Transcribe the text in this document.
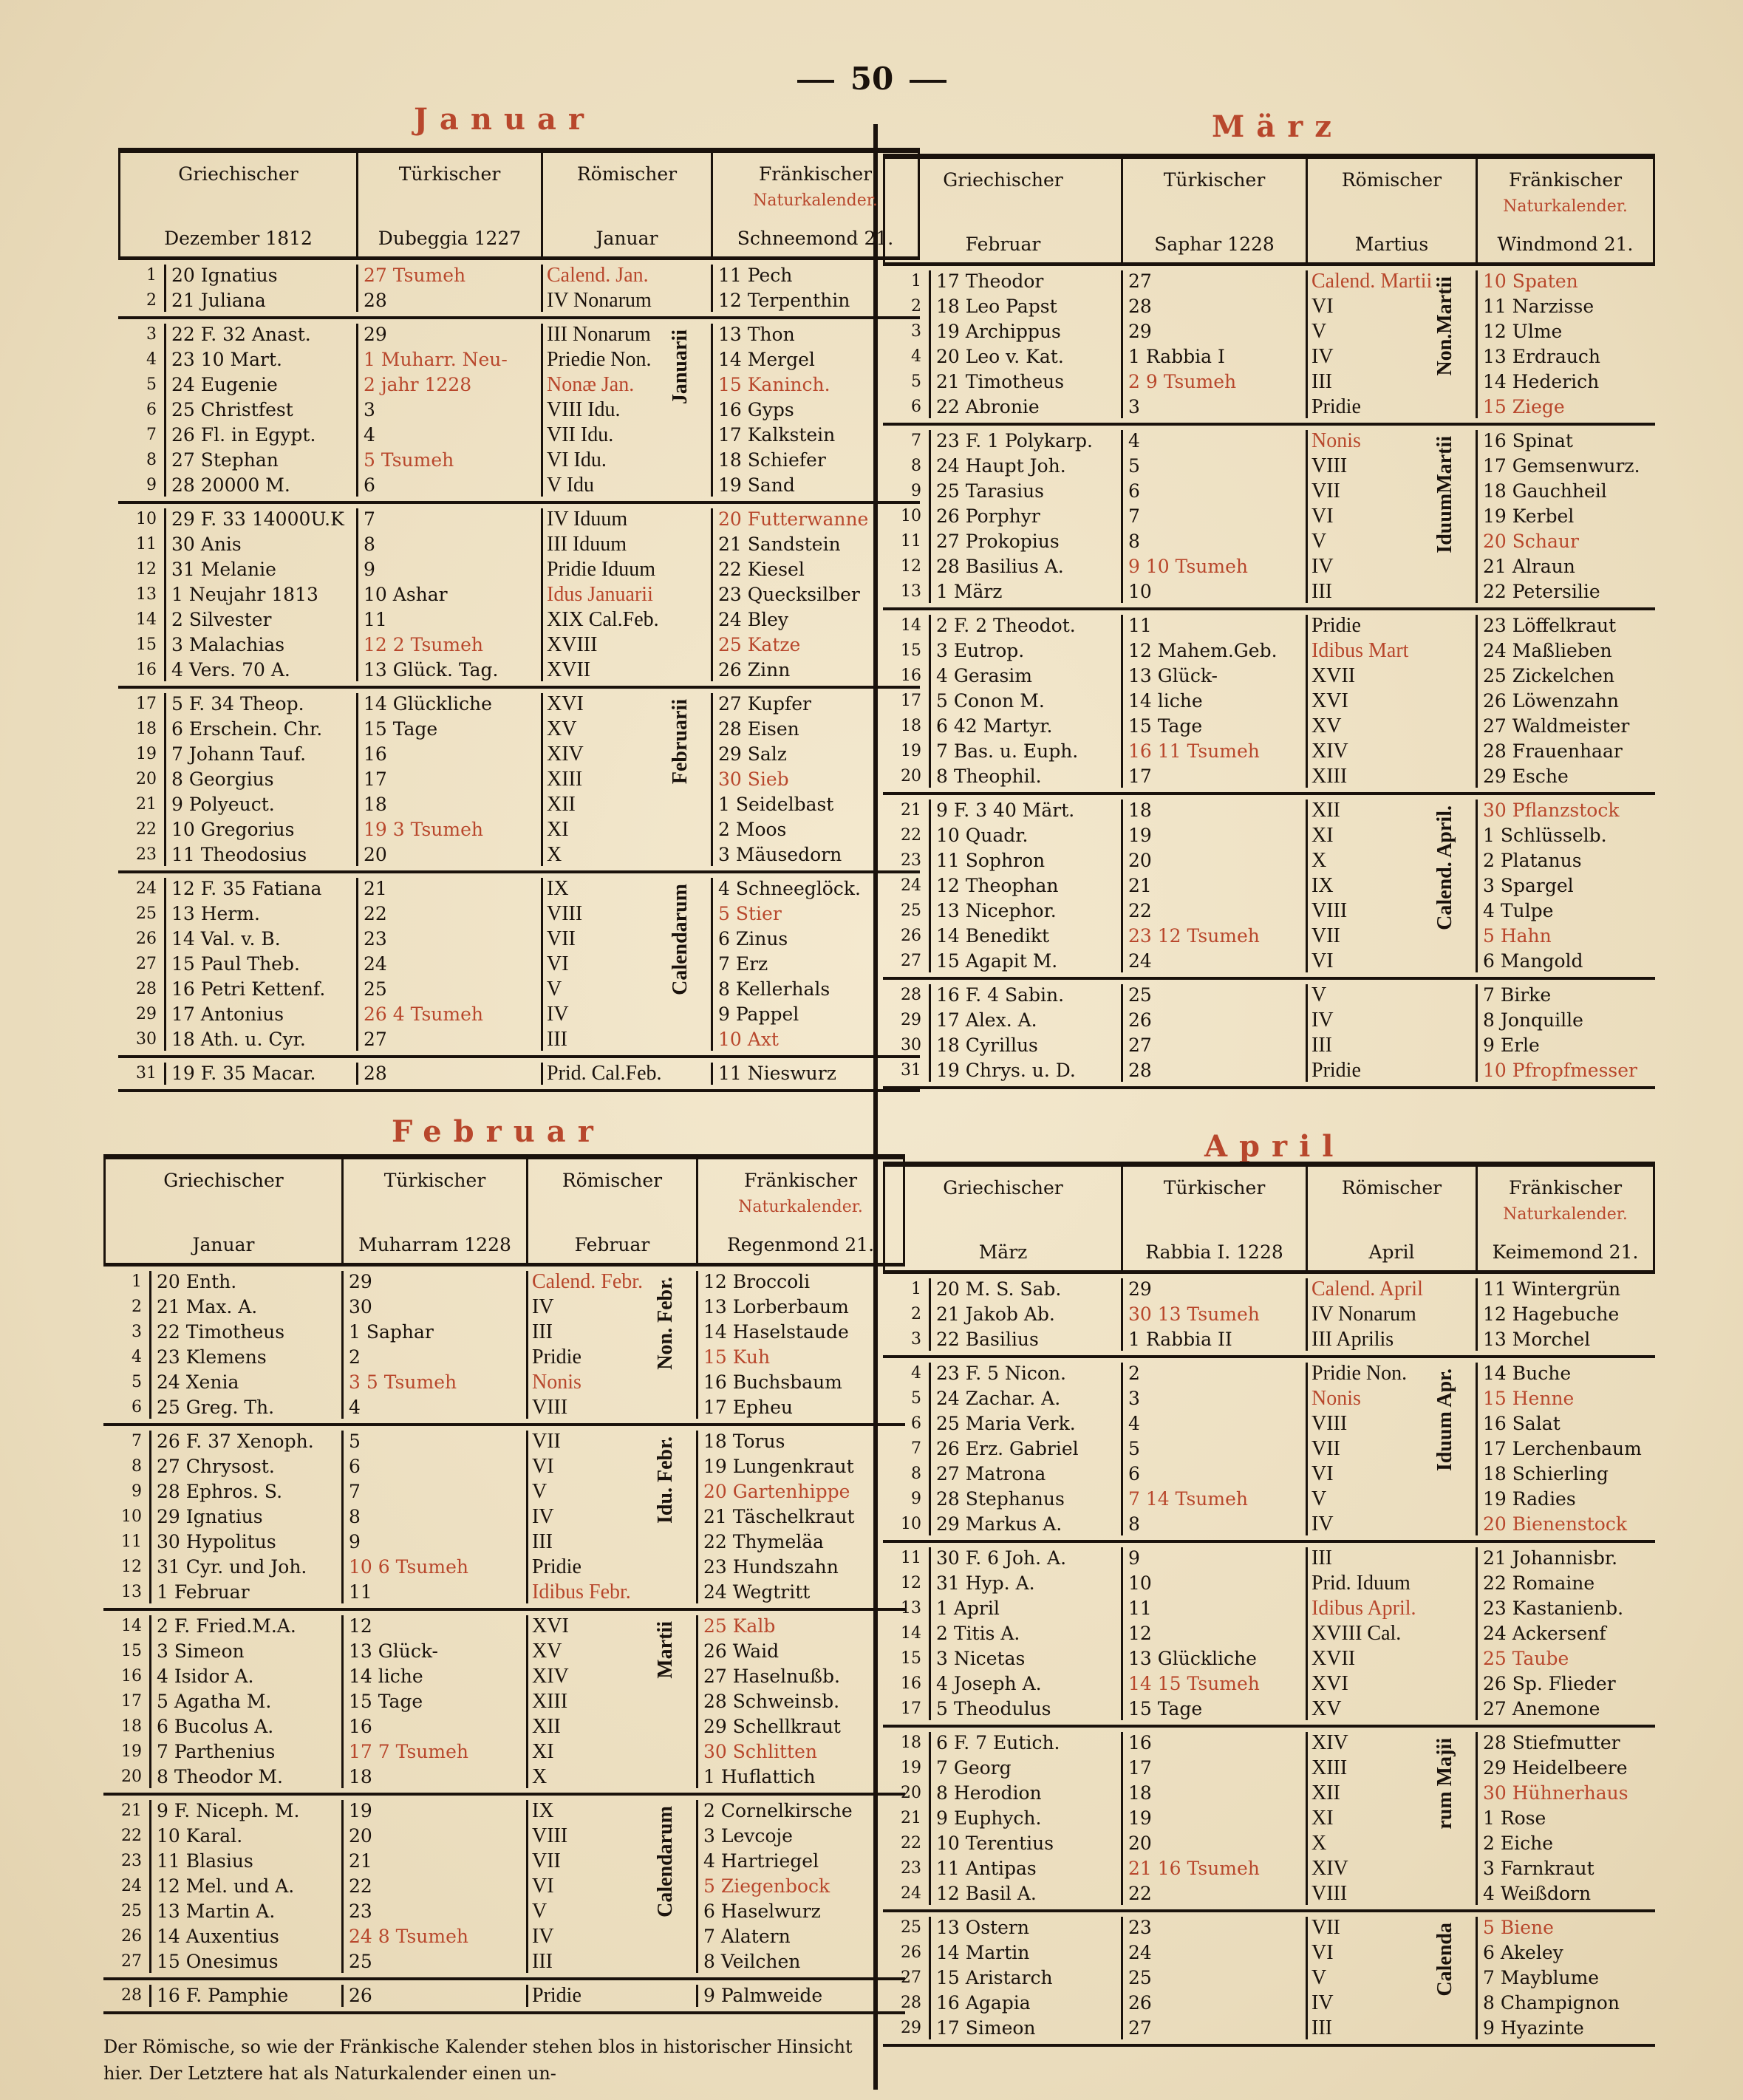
50
Januar	März
Februar	April
Griechischer
Dezember 1812
Türkischer
Dubeggia 1227
Römischer
Januar
Fränkischer
Naturkalender.
Schneemond 21.
1 20 Ignatius	27 Tsumeh	Calend. Jan.	11 Pech
2 21 Juliana	28	IV Nonarum	12 Terpenthin
3 22 F. 32 Anast.	29	III Nonarum	13 Thon
4 23 10 Mart.	1 Muharr. Neu-	Priedie Non.	14 Mergel
5 24 Eugenie	2 jahr 1228	Nonæ Jan.	15 Kaninch.
6 25 Christfest	3	VIII Idu.	16 Gyps
7 26 Fl. in Egypt.	4	VII Idu.	17 Kalkstein
8 27 Stephan	5 Tsumeh	VI Idu.	18 Schiefer
9 28 20000 M.	6	V Idu	19 Sand
Januarii
10 29 F. 33 14000U.K	7	IV Iduum	20 Futterwanne
11 30 Anis	8	III Iduum	21 Sandstein
12 31 Melanie	9	Pridie Iduum	22 Kiesel
13 1 Neujahr 1813	10 Ashar	Idus Januarii	23 Quecksilber
14 2 Silvester	11	XIX Cal.Feb.	24 Bley
15 3 Malachias	12 2 Tsumeh	XVIII	25 Katze
16 4 Vers. 70 A.	13 Glück. Tag.	XVII	26 Zinn
17 5 F. 34 Theop.	14 Glückliche	XVI	27 Kupfer
18 6 Erschein. Chr.	15 Tage	XV	28 Eisen
19 7 Johann Tauf.	16	XIV	29 Salz
20 8 Georgius	17	XIII	30 Sieb
21 9 Polyeuct.	18	XII	1 Seidelbast
22 10 Gregorius	19 3 Tsumeh	XI	2 Moos
23 11 Theodosius	20	X	3 Mäusedorn
Februarii
24 12 F. 35 Fatiana	21	IX	4 Schneeglöck.
25 13 Herm.	22	VIII	5 Stier
26 14 Val. v. B.	23	VII	6 Zinus
27 15 Paul Theb.	24	VI	7 Erz
28 16 Petri Kettenf.	25	V	8 Kellerhals
29 17 Antonius	26 4 Tsumeh	IV	9 Pappel
30 18 Ath. u. Cyr.	27	III	10 Axt
Calendarum
31 19 F. 35 Macar.	28	Prid. Cal.Feb.	11 Nieswurz
Griechischer
Februar
Türkischer
Saphar 1228
Römischer
Martius
Fränkischer
Naturkalender.
Windmond 21.
1 17 Theodor	27	Calend. Martii	10 Spaten
2 18 Leo Papst	28	VI	11 Narzisse
3 19 Archippus	29	V	12 Ulme
4 20 Leo v. Kat.	1 Rabbia I	IV	13 Erdrauch
5 21 Timotheus	2 9 Tsumeh	III	14 Hederich
6 22 Abronie	3	Pridie	15 Ziege
Non.Martii
7 23 F. 1 Polykarp.	4	Nonis	16 Spinat
8 24 Haupt Joh.	5	VIII	17 Gemsenwurz.
9 25 Tarasius	6	VII	18 Gauchheil
10 26 Porphyr	7	VI	19 Kerbel
11 27 Prokopius	8	V	20 Schaur
12 28 Basilius A.	9 10 Tsumeh	IV	21 Alraun
13 1 März	10	III	22 Petersilie
IduumMartii
14 2 F. 2 Theodot.	11	Pridie	23 Löffelkraut
15 3 Eutrop.	12 Mahem.Geb.	Idibus Mart	24 Maßlieben
16 4 Gerasim	13 Glück-	XVII	25 Zickelchen
17 5 Conon M.	14 liche	XVI	26 Löwenzahn
18 6 42 Martyr.	15 Tage	XV	27 Waldmeister
19 7 Bas. u. Euph.	16 11 Tsumeh	XIV	28 Frauenhaar
20 8 Theophil.	17	XIII	29 Esche
21 9 F. 3 40 Märt.	18	XII	30 Pflanzstock
22 10 Quadr.	19	XI	1 Schlüsselb.
23 11 Sophron	20	X	2 Platanus
24 12 Theophan	21	IX	3 Spargel
25 13 Nicephor.	22	VIII	4 Tulpe
26 14 Benedikt	23 12 Tsumeh	VII	5 Hahn
27 15 Agapit M.	24	VI	6 Mangold
Calend. April.
28 16 F. 4 Sabin.	25	V	7 Birke
29 17 Alex. A.	26	IV	8 Jonquille
30 18 Cyrillus	27	III	9 Erle
31 19 Chrys. u. D.	28	Pridie	10 Pfropfmesser
Griechischer
Januar
Türkischer
Muharram 1228
Römischer
Februar
Fränkischer
Naturkalender.
Regenmond 21.
1 20 Enth.	29	Calend. Febr.	12 Broccoli
2 21 Max. A.	30	IV	13 Lorberbaum
3 22 Timotheus	1 Saphar	III	14 Haselstaude
4 23 Klemens	2	Pridie	15 Kuh
5 24 Xenia	3 5 Tsumeh	Nonis	16 Buchsbaum
6 25 Greg. Th.	4	VIII	17 Epheu
Non. Febr.
7 26 F. 37 Xenoph.	5	VII	18 Torus
8 27 Chrysost.	6	VI	19 Lungenkraut
9 28 Ephros. S.	7	V	20 Gartenhippe
10 29 Ignatius	8	IV	21 Täschelkraut
11 30 Hypolitus	9	III	22 Thymeläa
12 31 Cyr. und Joh.	10 6 Tsumeh	Pridie	23 Hundszahn
13 1 Februar	11	Idibus Febr.	24 Wegtritt
Idu. Febr.
14 2 F. Fried.M.A.	12	XVI	25 Kalb
15 3 Simeon	13 Glück-	XV	26 Waid
16 4 Isidor A.	14 liche	XIV	27 Haselnußb.
17 5 Agatha M.	15 Tage	XIII	28 Schweinsb.
18 6 Bucolus A.	16	XII	29 Schellkraut
19 7 Parthenius	17 7 Tsumeh	XI	30 Schlitten
20 8 Theodor M.	18	X	1 Huflattich
Martii
21 9 F. Niceph. M.	19	IX	2 Cornelkirsche
22 10 Karal.	20	VIII	3 Levcoje
23 11 Blasius	21	VII	4 Hartriegel
24 12 Mel. und A.	22	VI	5 Ziegenbock
25 13 Martin A.	23	V	6 Haselwurz
26 14 Auxentius	24 8 Tsumeh	IV	7 Alatern
27 15 Onesimus	25	III	8 Veilchen
Calendarum
28 16 F. Pamphie	26	Pridie	9 Palmweide
Griechischer
März
Türkischer
Rabbia I. 1228
Römischer
April
Fränkischer
Naturkalender.
Keimemond 21.
1 20 M. S. Sab.	29	Calend. April	11 Wintergrün
2 21 Jakob Ab.	30 13 Tsumeh	IV Nonarum	12 Hagebuche
3 22 Basilius	1 Rabbia II	III Aprilis	13 Morchel
4 23 F. 5 Nicon.	2	Pridie Non.	14 Buche
5 24 Zachar. A.	3	Nonis	15 Henne
6 25 Maria Verk.	4	VIII	16 Salat
7 26 Erz. Gabriel	5	VII	17 Lerchenbaum
8 27 Matrona	6	VI	18 Schierling
9 28 Stephanus	7 14 Tsumeh	V	19 Radies
10 29 Markus A.	8	IV	20 Bienenstock
Iduum Apr.
11 30 F. 6 Joh. A.	9	III	21 Johannisbr.
12 31 Hyp. A.	10	Prid. Iduum	22 Romaine
13 1 April	11	Idibus April.	23 Kastanienb.
14 2 Titis A.	12	XVIII Cal.	24 Ackersenf
15 3 Nicetas	13 Glückliche	XVII	25 Taube
16 4 Joseph A.	14 15 Tsumeh	XVI	26 Sp. Flieder
17 5 Theodulus	15 Tage	XV	27 Anemone
18 6 F. 7 Eutich.	16	XIV	28 Stiefmutter
19 7 Georg	17	XIII	29 Heidelbeere
20 8 Herodion	18	XII	30 Hühnerhaus
21 9 Euphych.	19	XI	1 Rose
22 10 Terentius	20	X	2 Eiche
23 11 Antipas	21 16 Tsumeh	XIV	3 Farnkraut
24 12 Basil A.	22	VIII	4 Weißdorn
rum Majii
25 13 Ostern	23	VII	5 Biene
26 14 Martin	24	VI	6 Akeley
27 15 Aristarch	25	V	7 Mayblume
28 16 Agapia	26	IV	8 Champignon
29 17 Simeon	27	III	9 Hyazinte
Calenda
Der Römische, so wie der Fränkische Kalender stehen blos in historischer Hinsicht hier. Der Letztere hat als Naturkalender einen un-
